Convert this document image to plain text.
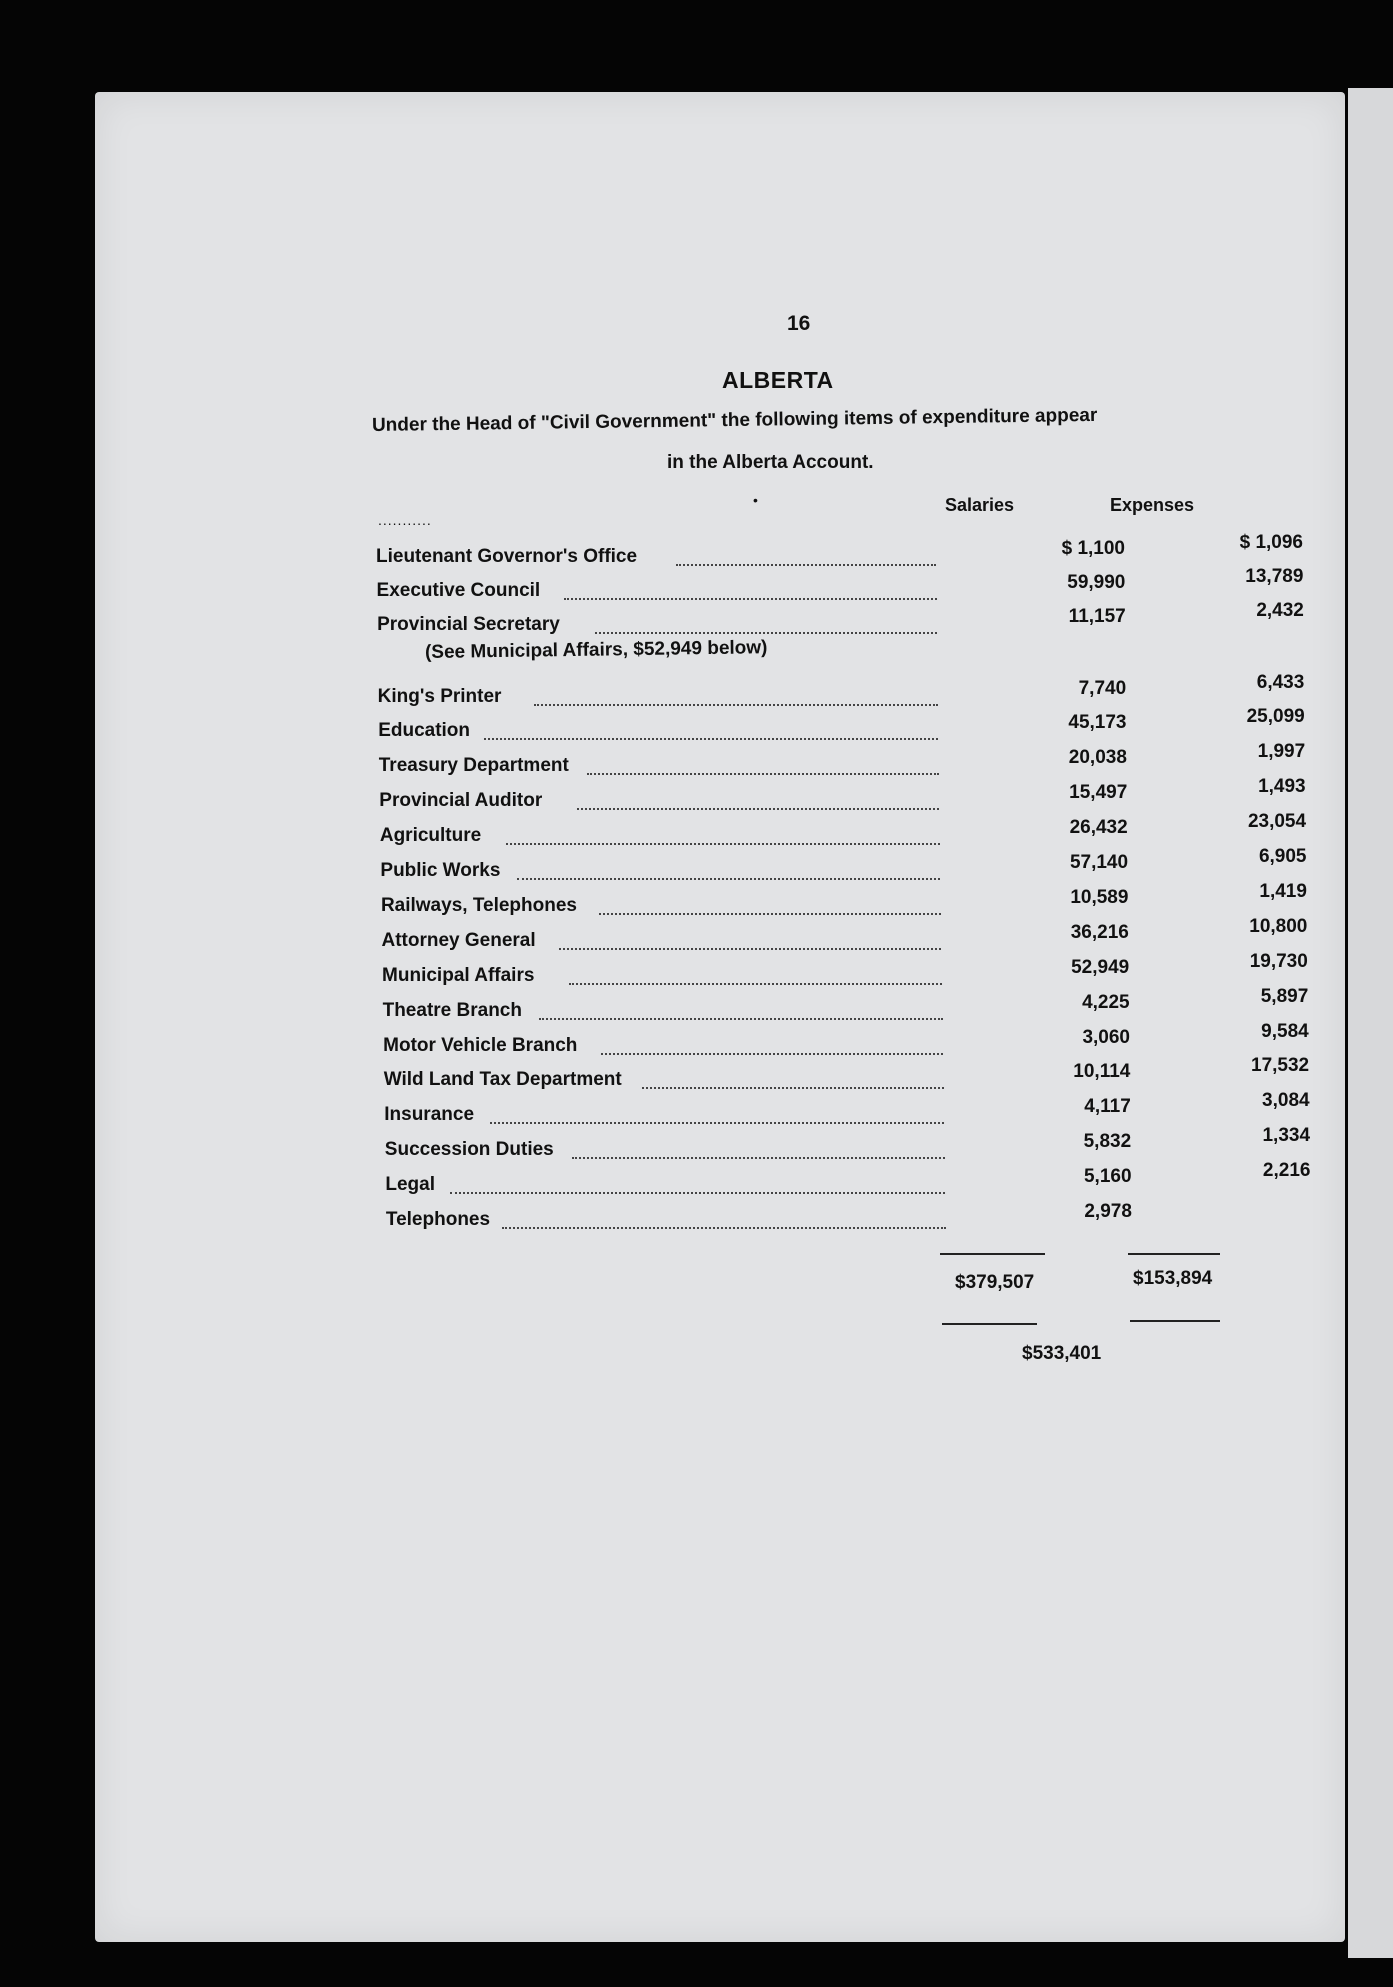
16
ALBERTA
Under the Head of "Civil Government" the following items of expenditure appear
in the Alberta Account.
•	Salaries	Expenses
...........
(See Municipal Affairs, $52,949 below)
Lieutenant Governor's Office	$ 1,100	$ 1,096
Executive Council	59,990	13,789
Provincial Secretary	11,157	2,432
King's Printer	7,740	6,433
Education	45,173	25,099
Treasury Department	20,038	1,997
Provincial Auditor	15,497	1,493
Agriculture	26,432	23,054
Public Works	57,140	6,905
Railways, Telephones	10,589	1,419
Attorney General	36,216	10,800
Municipal Affairs	52,949	19,730
Theatre Branch	4,225	5,897
Motor Vehicle Branch	3,060	9,584
Wild Land Tax Department	10,114	17,532
Insurance	4,117	3,084
Succession Duties	5,832	1,334
Legal	5,160	2,216
Telephones	2,978
$379,507	$153,894
$533,401
